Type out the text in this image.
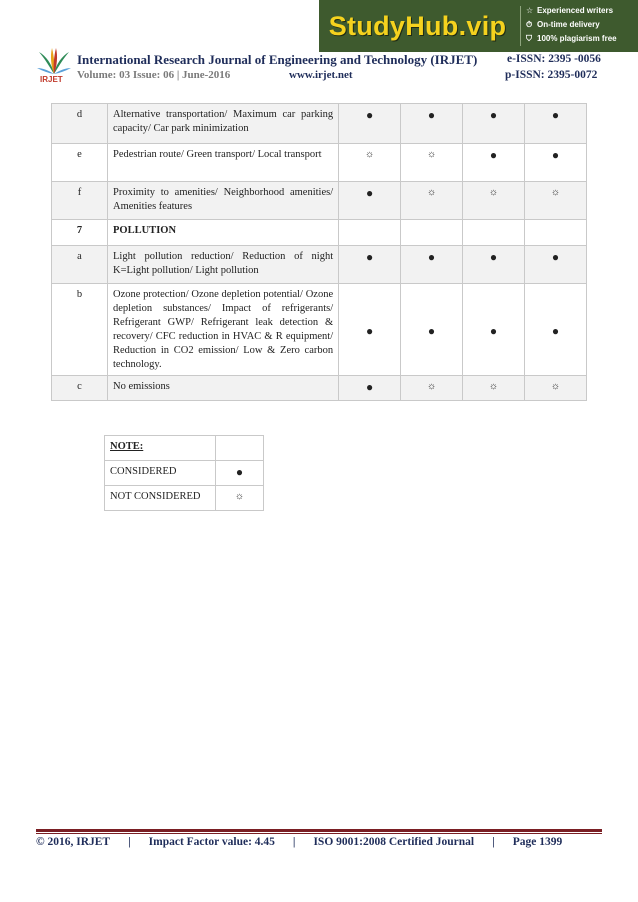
StudyHub.vip ☆ Experienced writers
⏱ On-time delivery
⛉ 100% plagiarism free
IRJET
International Research Journal of Engineering and Technology (IRJET)	e-ISSN: 2395 -0056
Volume: 03 Issue: 06 | June-2016	www.irjet.net	p-ISSN: 2395-0072
d	Alternative transportation/ Maximum car parking capacity/ Car park minimization	●	●	●	●
e	Pedestrian route/ Green transport/ Local transport	☼	☼	●	●
f	Proximity to amenities/ Neighborhood amenities/ Amenities features	●	☼	☼	☼
7	POLLUTION				
a	Light pollution reduction/ Reduction of night K=Light pollution/ Light pollution	●	●	●	●
b	Ozone protection/ Ozone depletion potential/ Ozone depletion substances/ Impact of refrigerants/ Refrigerant GWP/ Refrigerant leak detection & recovery/ CFC reduction in HVAC & R equipment/ Reduction in CO2 emission/ Low & Zero carbon technology.	●	●	●	●
c	No emissions	●	☼	☼	☼
NOTE:	
CONSIDERED	●
NOT CONSIDERED	☼
© 2016, IRJET | Impact Factor value: 4.45 | ISO 9001:2008 Certified Journal | Page 1399
